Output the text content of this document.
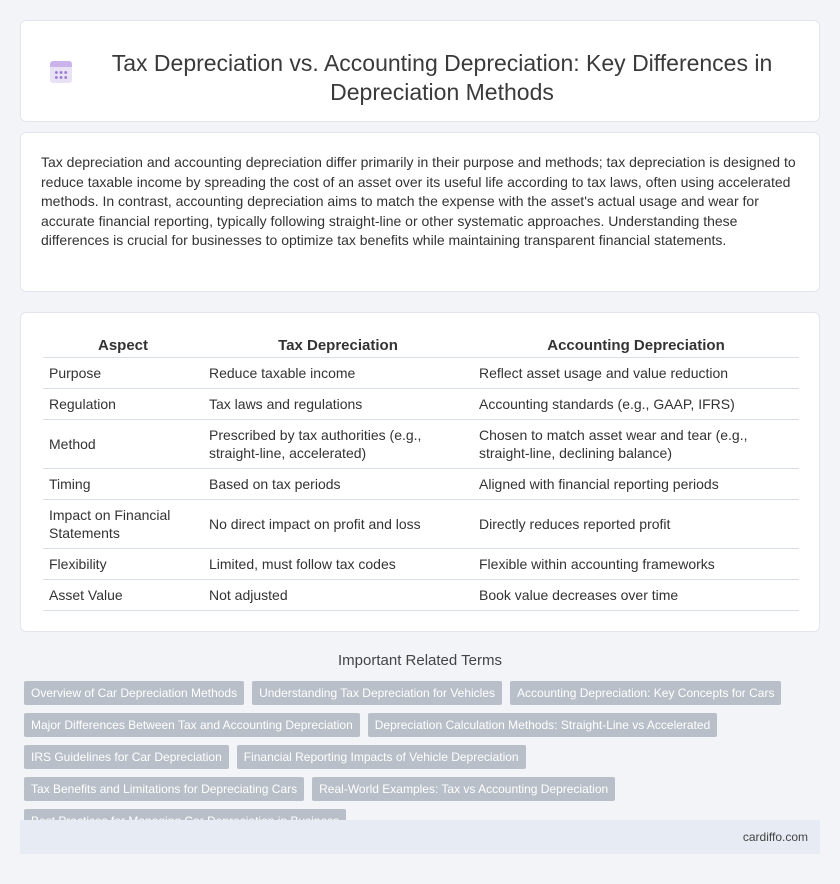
Tax Depreciation vs. Accounting Depreciation: Key Differences in Depreciation Methods

Tax depreciation and accounting depreciation differ primarily in their purpose and methods; tax depreciation is designed to reduce taxable income by spreading the cost of an asset over its useful life according to tax laws, often using accelerated methods. In contrast, accounting depreciation aims to match the expense with the asset's actual usage and wear for accurate financial reporting, typically following straight-line or other systematic approaches. Understanding these differences is crucial for businesses to optimize tax benefits while maintaining transparent financial statements.

Aspect	Tax Depreciation	Accounting Depreciation
Purpose	Reduce taxable income	Reflect asset usage and value reduction
Regulation	Tax laws and regulations	Accounting standards (e.g., GAAP, IFRS)
Method	Prescribed by tax authorities (e.g., straight-line, accelerated)	Chosen to match asset wear and tear (e.g., straight-line, declining balance)
Timing	Based on tax periods	Aligned with financial reporting periods
Impact on Financial Statements	No direct impact on profit and loss	Directly reduces reported profit
Flexibility	Limited, must follow tax codes	Flexible within accounting frameworks
Asset Value	Not adjusted	Book value decreases over time
Important Related Terms
Overview of Car Depreciation Methods	Understanding Tax Depreciation for Vehicles	Accounting Depreciation: Key Concepts for Cars
Major Differences Between Tax and Accounting Depreciation	Depreciation Calculation Methods: Straight-Line vs Accelerated
IRS Guidelines for Car Depreciation	Financial Reporting Impacts of Vehicle Depreciation
Tax Benefits and Limitations for Depreciating Cars	Real-World Examples: Tax vs Accounting Depreciation
cardiffo.com
